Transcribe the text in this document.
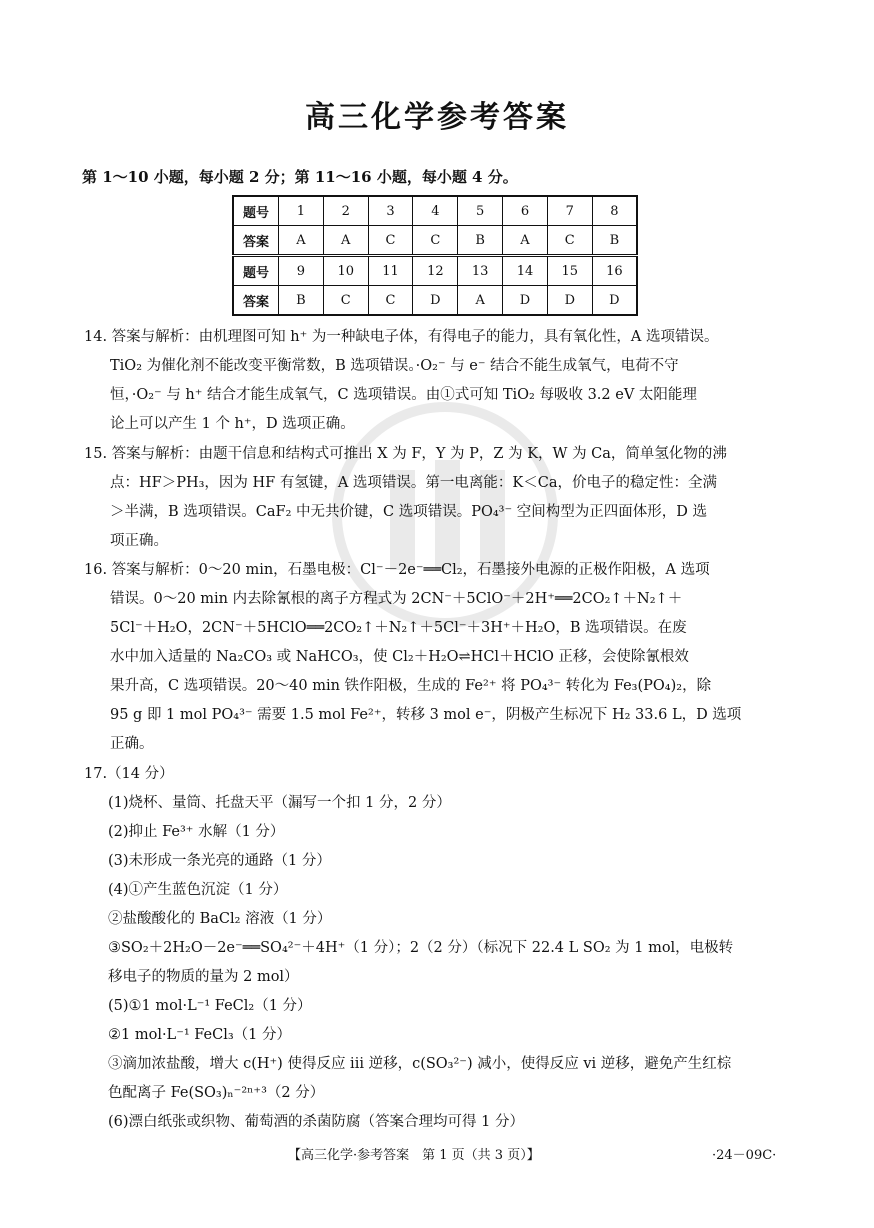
高三化学参考答案
第 1～10 小题，每小题 2 分；第 11～16 小题，每小题 4 分。
题号	1	2	3	4	5	6	7	8
答案	A	A	C	C	B	A	C	B
题号	9	10	11	12	13	14	15	16
答案	B	C	C	D	A	D	D	D
14. 答案与解析：由机理图可知 h⁺ 为一种缺电子体，有得电子的能力，具有氧化性，A 选项错误。
TiO₂ 为催化剂不能改变平衡常数，B 选项错误。·O₂⁻ 与 e⁻ 结合不能生成氧气，电荷不守
恒，·O₂⁻ 与 h⁺ 结合才能生成氧气，C 选项错误。由①式可知 TiO₂ 每吸收 3.2 eV 太阳能理
论上可以产生 1 个 h⁺，D 选项正确。
15. 答案与解析：由题干信息和结构式可推出 X 为 F，Y 为 P，Z 为 K，W 为 Ca，简单氢化物的沸
点：HF＞PH₃，因为 HF 有氢键，A 选项错误。第一电离能：K＜Ca，价电子的稳定性：全满
＞半满，B 选项错误。CaF₂ 中无共价键，C 选项错误。PO₄³⁻ 空间构型为正四面体形，D 选
项正确。
16. 答案与解析：0～20 min，石墨电极：Cl⁻－2e⁻══Cl₂，石墨接外电源的正极作阳极，A 选项
错误。0～20 min 内去除氰根的离子方程式为 2CN⁻＋5ClO⁻＋2H⁺══2CO₂↑＋N₂↑＋
5Cl⁻＋H₂O，2CN⁻＋5HClO══2CO₂↑＋N₂↑＋5Cl⁻＋3H⁺＋H₂O，B 选项错误。在废
水中加入适量的 Na₂CO₃ 或 NaHCO₃，使 Cl₂＋H₂O⇌HCl＋HClO 正移，会使除氰根效
果升高，C 选项错误。20～40 min 铁作阳极，生成的 Fe²⁺ 将 PO₄³⁻ 转化为 Fe₃(PO₄)₂，除
95 g 即 1 mol PO₄³⁻ 需要 1.5 mol Fe²⁺，转移 3 mol e⁻，阴极产生标况下 H₂ 33.6 L，D 选项
正确。
17.（14 分）
(1)烧杯、量筒、托盘天平（漏写一个扣 1 分，2 分）
(2)抑止 Fe³⁺ 水解（1 分）
(3)未形成一条光亮的通路（1 分）
(4)①产生蓝色沉淀（1 分）
②盐酸酸化的 BaCl₂ 溶液（1 分）
③SO₂＋2H₂O－2e⁻══SO₄²⁻＋4H⁺（1 分）；2（2 分）（标况下 22.4 L SO₂ 为 1 mol，电极转
移电子的物质的量为 2 mol）
(5)①1 mol·L⁻¹ FeCl₂（1 分）
②1 mol·L⁻¹ FeCl₃（1 分）
③滴加浓盐酸，增大 c(H⁺) 使得反应 iii 逆移，c(SO₃²⁻) 减小，使得反应 vi 逆移，避免产生红棕
色配离子 Fe(SO₃)ₙ⁻²ⁿ⁺³（2 分）
(6)漂白纸张或织物、葡萄酒的杀菌防腐（答案合理均可得 1 分）
【高三化学·参考答案　第 1 页（共 3 页）】	·24－09C·
